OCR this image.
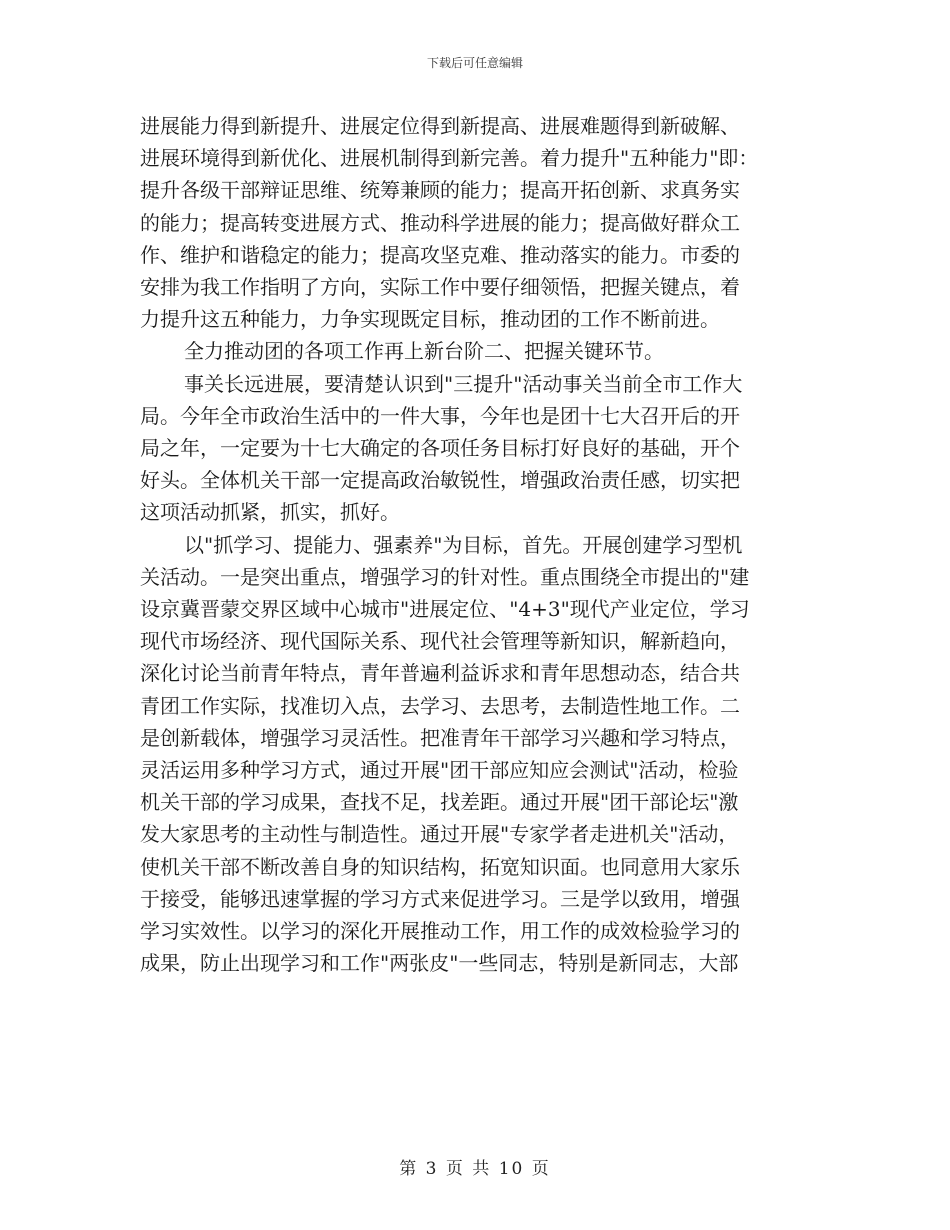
下载后可任意编辑
进展能力得到新提升、进展定位得到新提高、进展难题得到新破解、
进展环境得到新优化、进展机制得到新完善。着力提升"五种能力"即：
提升各级干部辩证思维、统筹兼顾的能力；提高开拓创新、求真务实
的能力；提高转变进展方式、推动科学进展的能力；提高做好群众工
作、维护和谐稳定的能力；提高攻坚克难、推动落实的能力。市委的
安排为我工作指明了方向，实际工作中要仔细领悟，把握关键点，着
力提升这五种能力，力争实现既定目标，推动团的工作不断前进。
全力推动团的各项工作再上新台阶二、把握关键环节。
事关长远进展，要清楚认识到"三提升"活动事关当前全市工作大
局。今年全市政治生活中的一件大事，今年也是团十七大召开后的开
局之年，一定要为十七大确定的各项任务目标打好良好的基础，开个
好头。全体机关干部一定提高政治敏锐性，增强政治责任感，切实把
这项活动抓紧，抓实，抓好。
以"抓学习、提能力、强素养"为目标，首先。开展创建学习型机
关活动。一是突出重点，增强学习的针对性。重点围绕全市提出的"建
设京冀晋蒙交界区域中心城市"进展定位、"4+3"现代产业定位，学习
现代市场经济、现代国际关系、现代社会管理等新知识，解新趋向，
深化讨论当前青年特点，青年普遍利益诉求和青年思想动态，结合共
青团工作实际，找准切入点，去学习、去思考，去制造性地工作。二
是创新载体，增强学习灵活性。把准青年干部学习兴趣和学习特点，
灵活运用多种学习方式，通过开展"团干部应知应会测试"活动，检验
机关干部的学习成果，查找不足，找差距。通过开展"团干部论坛"激
发大家思考的主动性与制造性。通过开展"专家学者走进机关"活动，
使机关干部不断改善自身的知识结构，拓宽知识面。也同意用大家乐
于接受，能够迅速掌握的学习方式来促进学习。三是学以致用，增强
学习实效性。以学习的深化开展推动工作，用工作的成效检验学习的
成果，防止出现学习和工作"两张皮"一些同志，特别是新同志，大部
第 3 页 共 10 页
